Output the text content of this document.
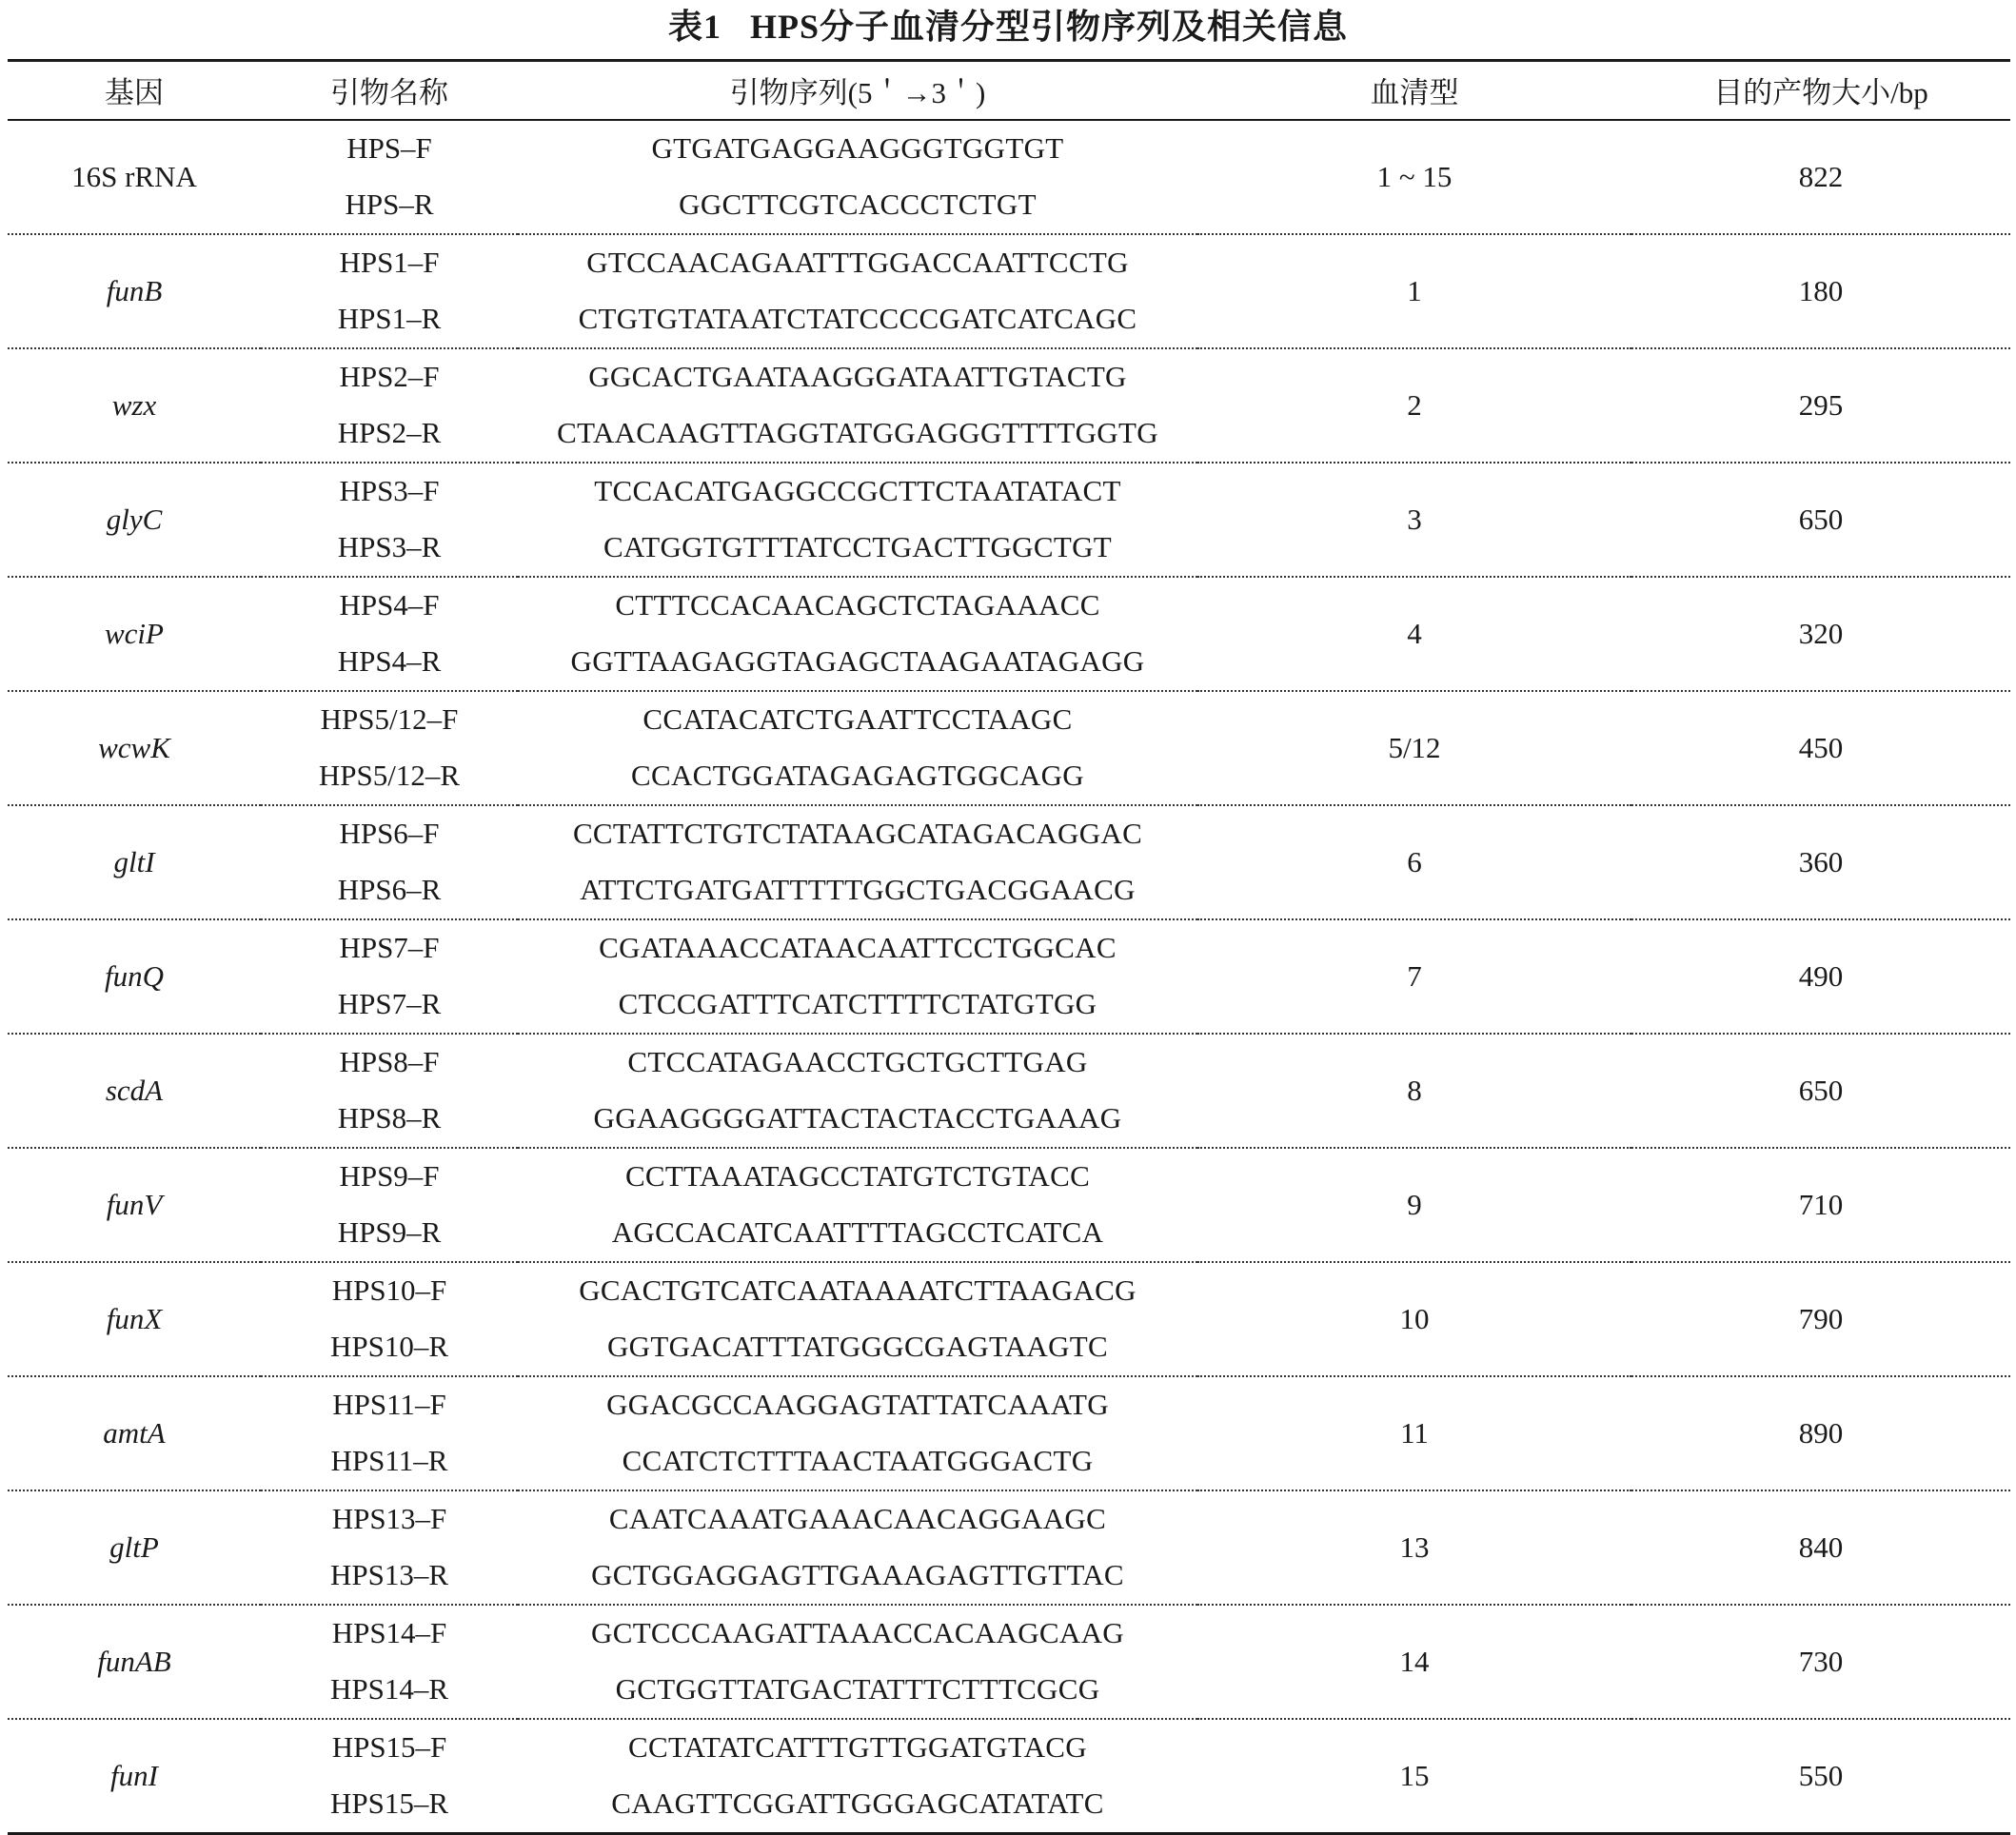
表1   HPS分子血清分型引物序列及相关信息
基因	引物名称	引物序列(5＇→3＇)	血清型	目的产物大小/bp
16S rRNA	HPS–F	GTGATGAGGAAGGGTGGTGT	1 ~ 15	822
	HPS–R	GGCTTCGTCACCCTCTGT		
funB	HPS1–F	GTCCAACAGAATTTGGACCAATTCCTG	1	180
	HPS1–R	CTGTGTATAATCTATCCCCGATCATCAGC		
wzx	HPS2–F	GGCACTGAATAAGGGATAATTGTACTG	2	295
	HPS2–R	CTAACAAGTTAGGTATGGAGGGTTTTGGTG		
glyC	HPS3–F	TCCACATGAGGCCGCTTCTAATATACT	3	650
	HPS3–R	CATGGTGTTTATCCTGACTTGGCTGT		
wciP	HPS4–F	CTTTCCACAACAGCTCTAGAAACC	4	320
	HPS4–R	GGTTAAGAGGTAGAGCTAAGAATAGAGG		
wcwK	HPS5/12–F	CCATACATCTGAATTCCTAAGC	5/12	450
	HPS5/12–R	CCACTGGATAGAGAGTGGCAGG		
gltI	HPS6–F	CCTATTCTGTCTATAAGCATAGACAGGAC	6	360
	HPS6–R	ATTCTGATGATTTTTGGCTGACGGAACG		
funQ	HPS7–F	CGATAAACCATAACAATTCCTGGCAC	7	490
	HPS7–R	CTCCGATTTCATCTTTTCTATGTGG		
scdA	HPS8–F	CTCCATAGAACCTGCTGCTTGAG	8	650
	HPS8–R	GGAAGGGGATTACTACTACCTGAAAG		
funV	HPS9–F	CCTTAAATAGCCTATGTCTGTACC	9	710
	HPS9–R	AGCCACATCAATTTTAGCCTCATCA		
funX	HPS10–F	GCACTGTCATCAATAAAATCTTAAGACG	10	790
	HPS10–R	GGTGACATTTATGGGCGAGTAAGTC		
amtA	HPS11–F	GGACGCCAAGGAGTATTATCAAATG	11	890
	HPS11–R	CCATCTCTTTAACTAATGGGACTG		
gltP	HPS13–F	CAATCAAATGAAACAACAGGAAGC	13	840
	HPS13–R	GCTGGAGGAGTTGAAAGAGTTGTTAC		
funAB	HPS14–F	GCTCCCAAGATTAAACCACAAGCAAG	14	730
	HPS14–R	GCTGGTTATGACTATTTCTTTCGCG		
funI	HPS15–F	CCTATATCATTTGTTGGATGTACG	15	550
	HPS15–R	CAAGTTCGGATTGGGAGCATATATC		
